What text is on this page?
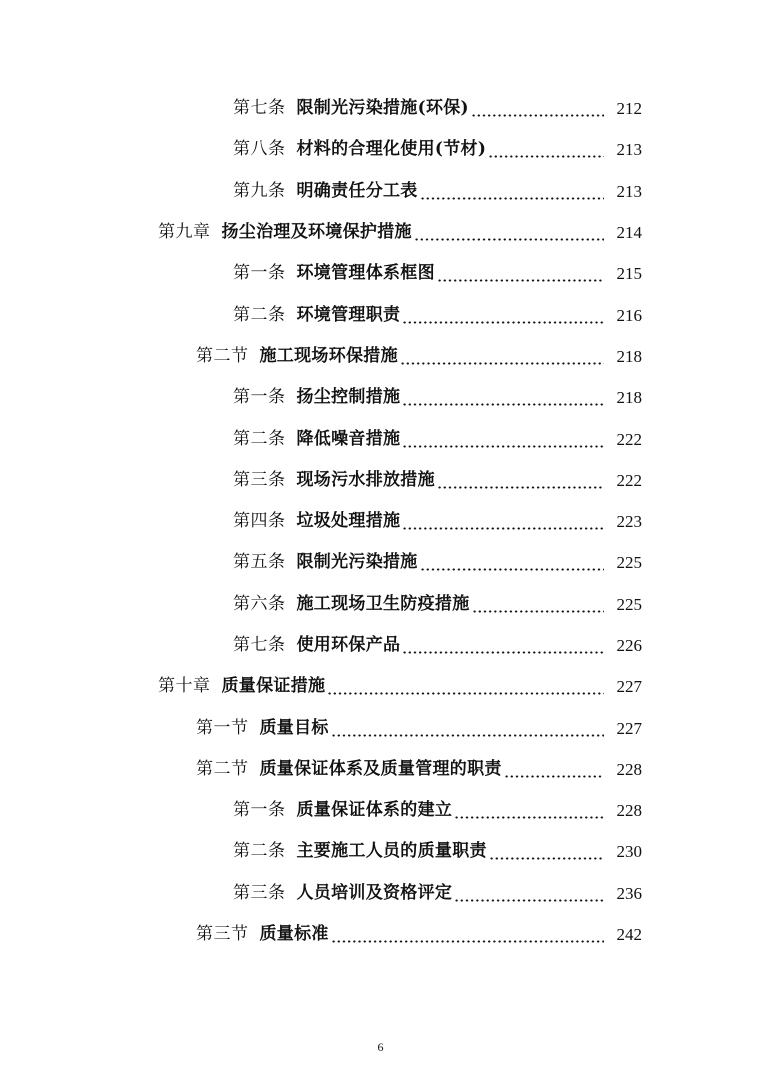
第七条 限制光污染措施(环保)	212
第八条 材料的合理化使用(节材)	213
第九条 明确责任分工表	213
第九章 扬尘治理及环境保护措施	214
第一条 环境管理体系框图	215
第二条 环境管理职责	216
第二节 施工现场环保措施	218
第一条 扬尘控制措施	218
第二条 降低噪音措施	222
第三条 现场污水排放措施	222
第四条 垃圾处理措施	223
第五条 限制光污染措施	225
第六条 施工现场卫生防疫措施	225
第七条 使用环保产品	226
第十章 质量保证措施	227
第一节 质量目标	227
第二节 质量保证体系及质量管理的职责	228
第一条 质量保证体系的建立	228
第二条 主要施工人员的质量职责	230
第三条 人员培训及资格评定	236
第三节 质量标准	242
6
